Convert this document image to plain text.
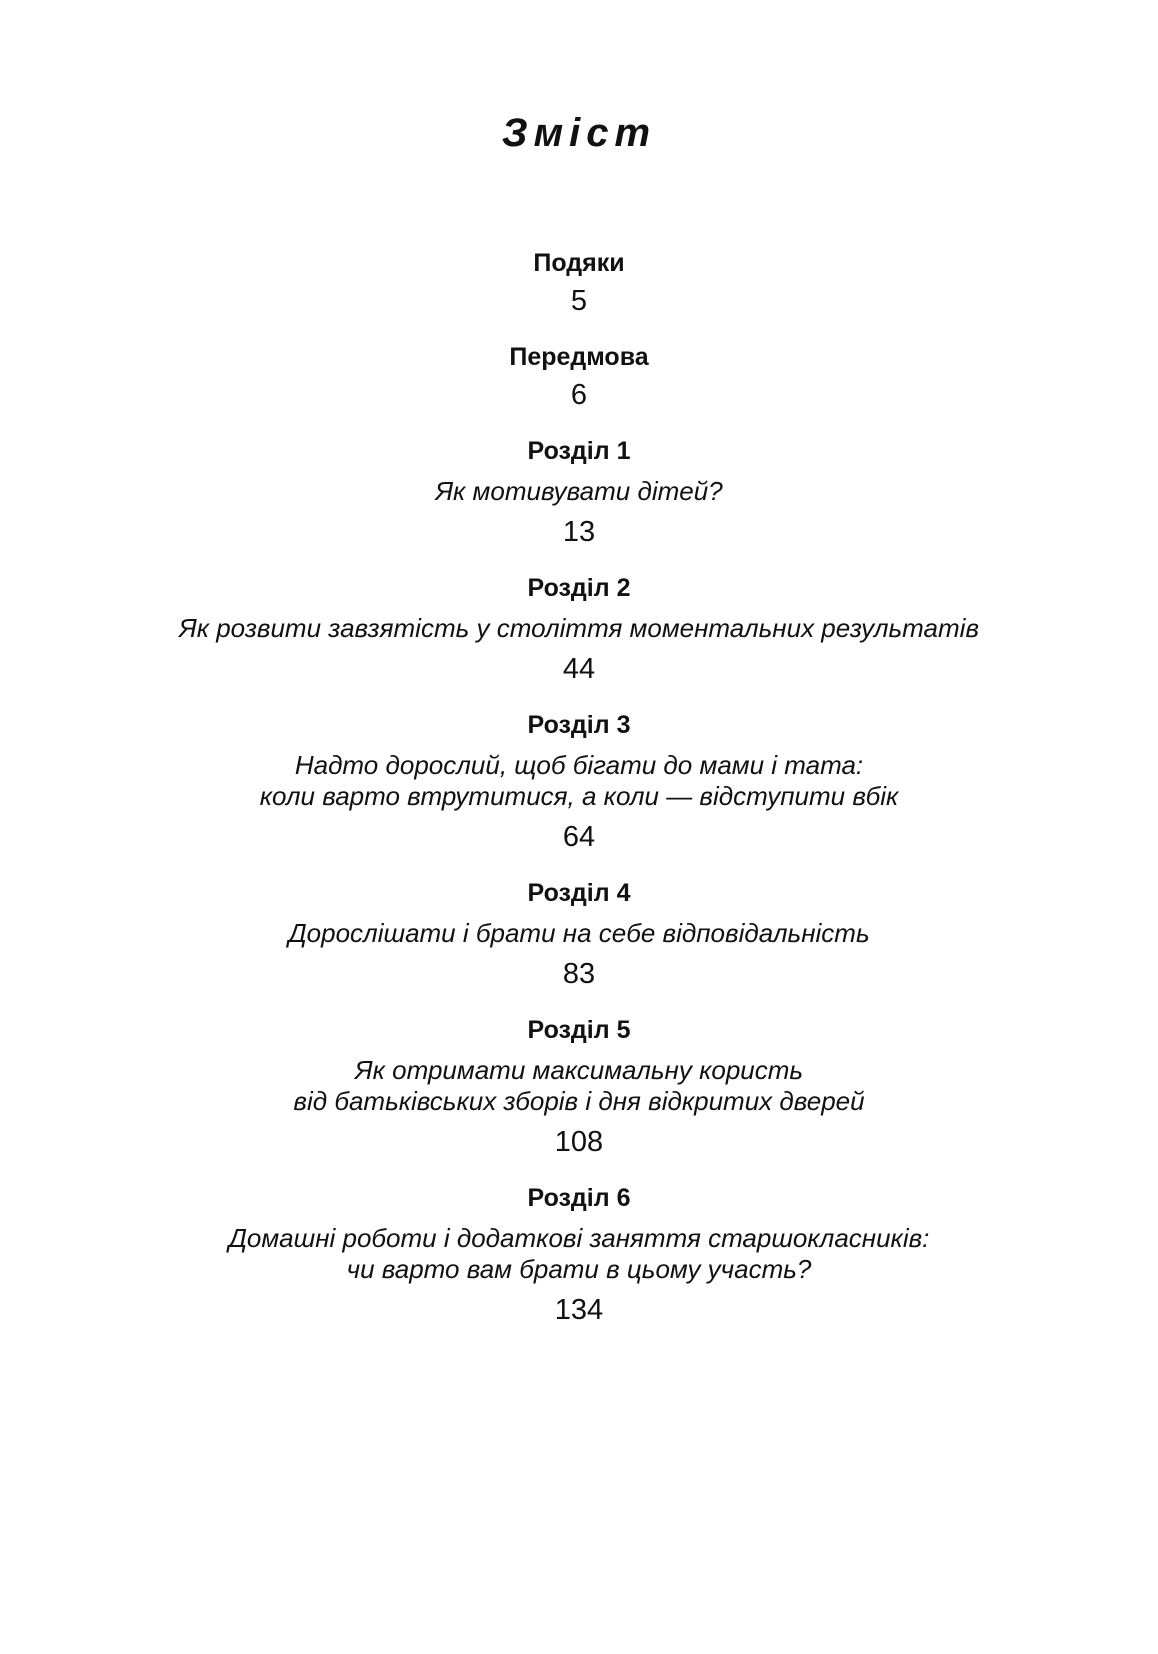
Зміст
Подяки
5
Передмова
6
Розділ 1
Як мотивувати дітей?
13
Розділ 2
Як розвити завзятість у століття моментальних результатів
44
Розділ 3
Надто дорослий, щоб бігати до мами і тата:
коли варто втрутитися, а коли — відступити вбік
64
Розділ 4
Дорослішати і брати на себе відповідальність
83
Розділ 5
Як отримати максимальну користь
від батьківських зборів і дня відкритих дверей
108
Розділ 6
Домашні роботи і додаткові заняття старшокласників:
чи варто вам брати в цьому участь?
134
